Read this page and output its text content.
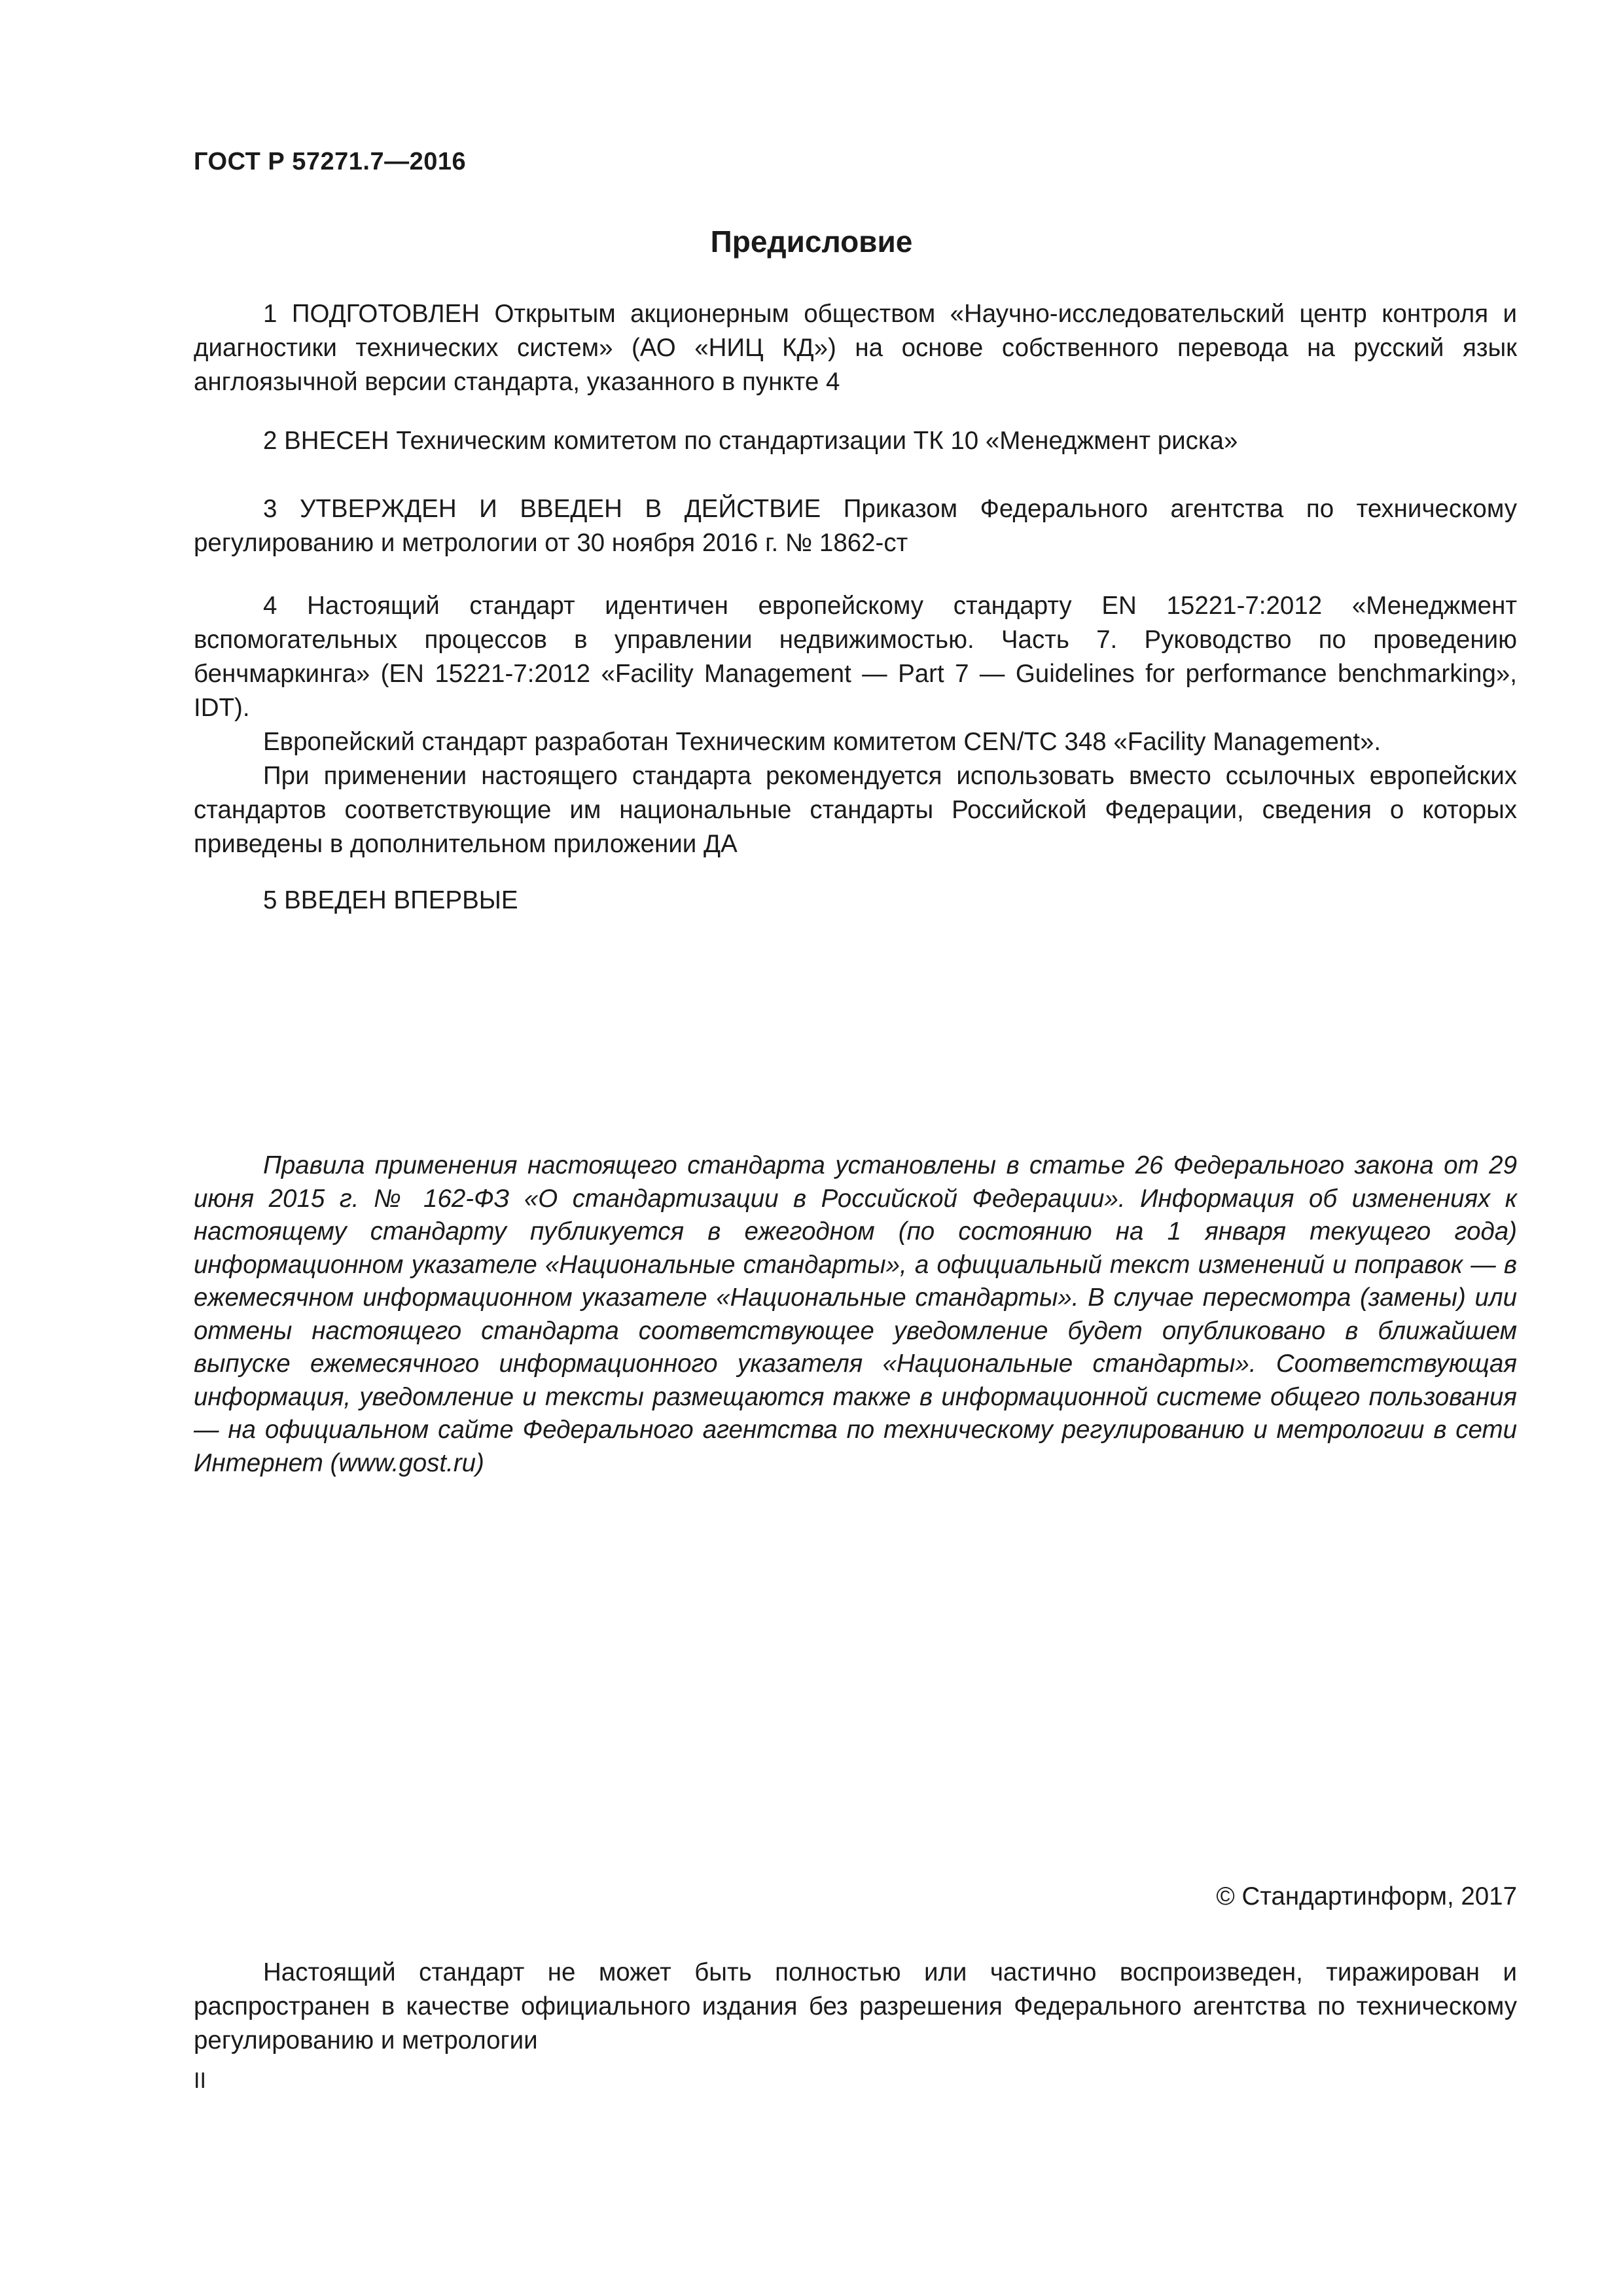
ГОСТ Р 57271.7—2016
Предисловие

1 ПОДГОТОВЛЕН Открытым акционерным обществом «Научно-исследовательский центр контроля и диагностики технических систем» (АО «НИЦ КД») на основе собственного перевода на русский язык англоязычной версии стандарта, указанного в пункте 4

2 ВНЕСЕН Техническим комитетом по стандартизации ТК 10 «Менеджмент риска»

3 УТВЕРЖДЕН И ВВЕДЕН В ДЕЙСТВИЕ Приказом Федерального агентства по техническому регулированию и метрологии от 30 ноября 2016 г. № 1862-ст

4 Настоящий стандарт идентичен европейскому стандарту EN 15221-7:2012 «Менеджмент вспомогательных процессов в управлении недвижимостью. Часть 7. Руководство по проведению бенчмаркинга» (EN 15221-7:2012 «Facility Management — Part 7 — Guidelines for performance benchmarking», IDT).

Европейский стандарт разработан Техническим комитетом CEN/TC 348 «Facility Management».

При применении настоящего стандарта рекомендуется использовать вместо ссылочных европейских стандартов соответствующие им национальные стандарты Российской Федерации, сведения о которых приведены в дополнительном приложении ДА

5 ВВЕДЕН ВПЕРВЫЕ

Правила применения настоящего стандарта установлены в статье 26 Федерального закона от 29 июня 2015 г. № 162-ФЗ «О стандартизации в Российской Федерации». Информация об изменениях к настоящему стандарту публикуется в ежегодном (по состоянию на 1 января текущего года) информационном указателе «Национальные стандарты», а официальный текст изменений и поправок — в ежемесячном информационном указателе «Национальные стандарты». В случае пересмотра (замены) или отмены настоящего стандарта соответствующее уведомление будет опубликовано в ближайшем выпуске ежемесячного информационного указателя «Национальные стандарты». Соответствующая информация, уведомление и тексты размещаются также в информационной системе общего пользования — на официальном сайте Федерального агентства по техническому регулированию и метрологии в сети Интернет (www.gost.ru)

© Стандартинформ, 2017

Настоящий стандарт не может быть полностью или частично воспроизведен, тиражирован и распространен в качестве официального издания без разрешения Федерального агентства по техническому регулированию и метрологии

II
